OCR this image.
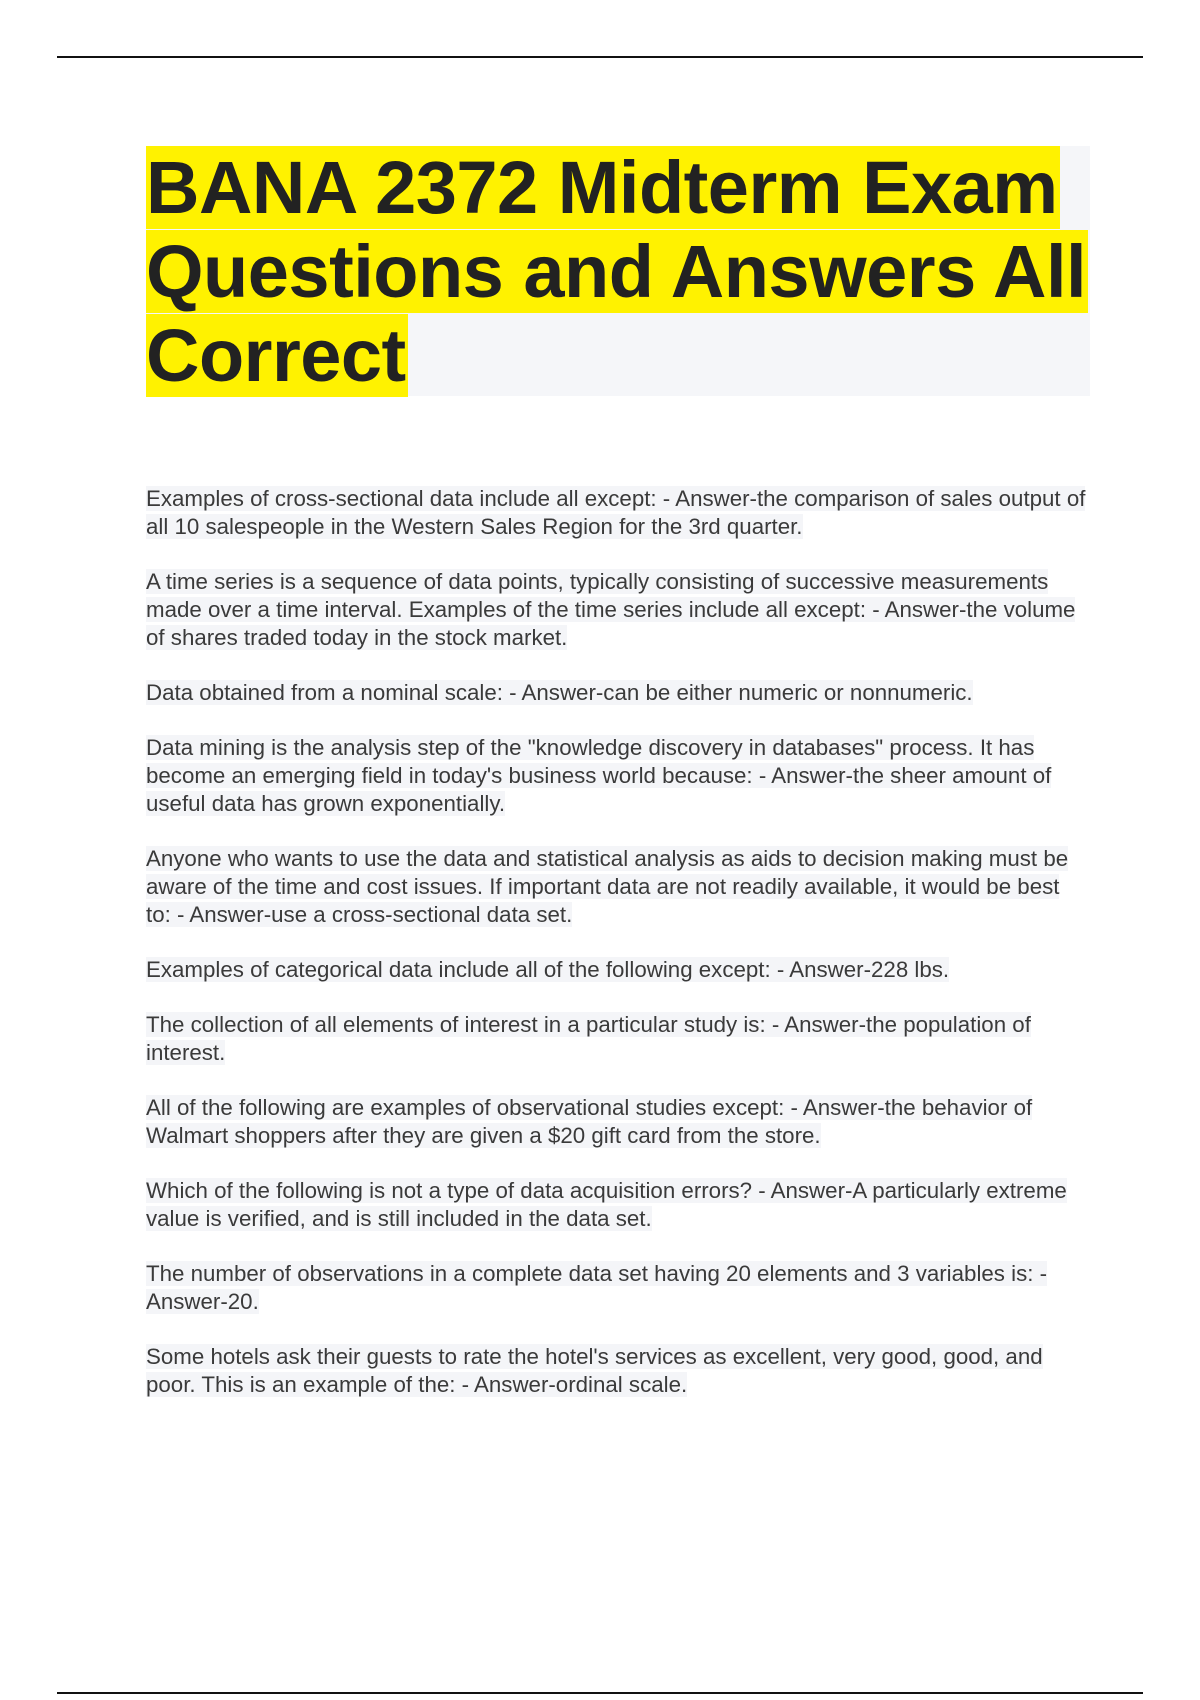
BANA 2372 Midterm Exam Questions and Answers All Correct

Examples of cross-sectional data include all except: - Answer-the comparison of sales output of all 10 salespeople in the Western Sales Region for the 3rd quarter.

A time series is a sequence of data points, typically consisting of successive measurements made over a time interval. Examples of the time series include all except: - Answer-the volume of shares traded today in the stock market.

Data obtained from a nominal scale: - Answer-can be either numeric or nonnumeric.

Data mining is the analysis step of the "knowledge discovery in databases" process. It has become an emerging field in today's business world because: - Answer-the sheer amount of useful data has grown exponentially.

Anyone who wants to use the data and statistical analysis as aids to decision making must be aware of the time and cost issues. If important data are not readily available, it would be best to: - Answer-use a cross-sectional data set.

Examples of categorical data include all of the following except: - Answer-228 lbs.

The collection of all elements of interest in a particular study is: - Answer-the population of interest.

All of the following are examples of observational studies except: - Answer-the behavior of Walmart shoppers after they are given a $20 gift card from the store.

Which of the following is not a type of data acquisition errors? - Answer-A particularly extreme value is verified, and is still included in the data set.

The number of observations in a complete data set having 20 elements and 3 variables is: - Answer-20.

Some hotels ask their guests to rate the hotel's services as excellent, very good, good, and poor. This is an example of the: - Answer-ordinal scale.
